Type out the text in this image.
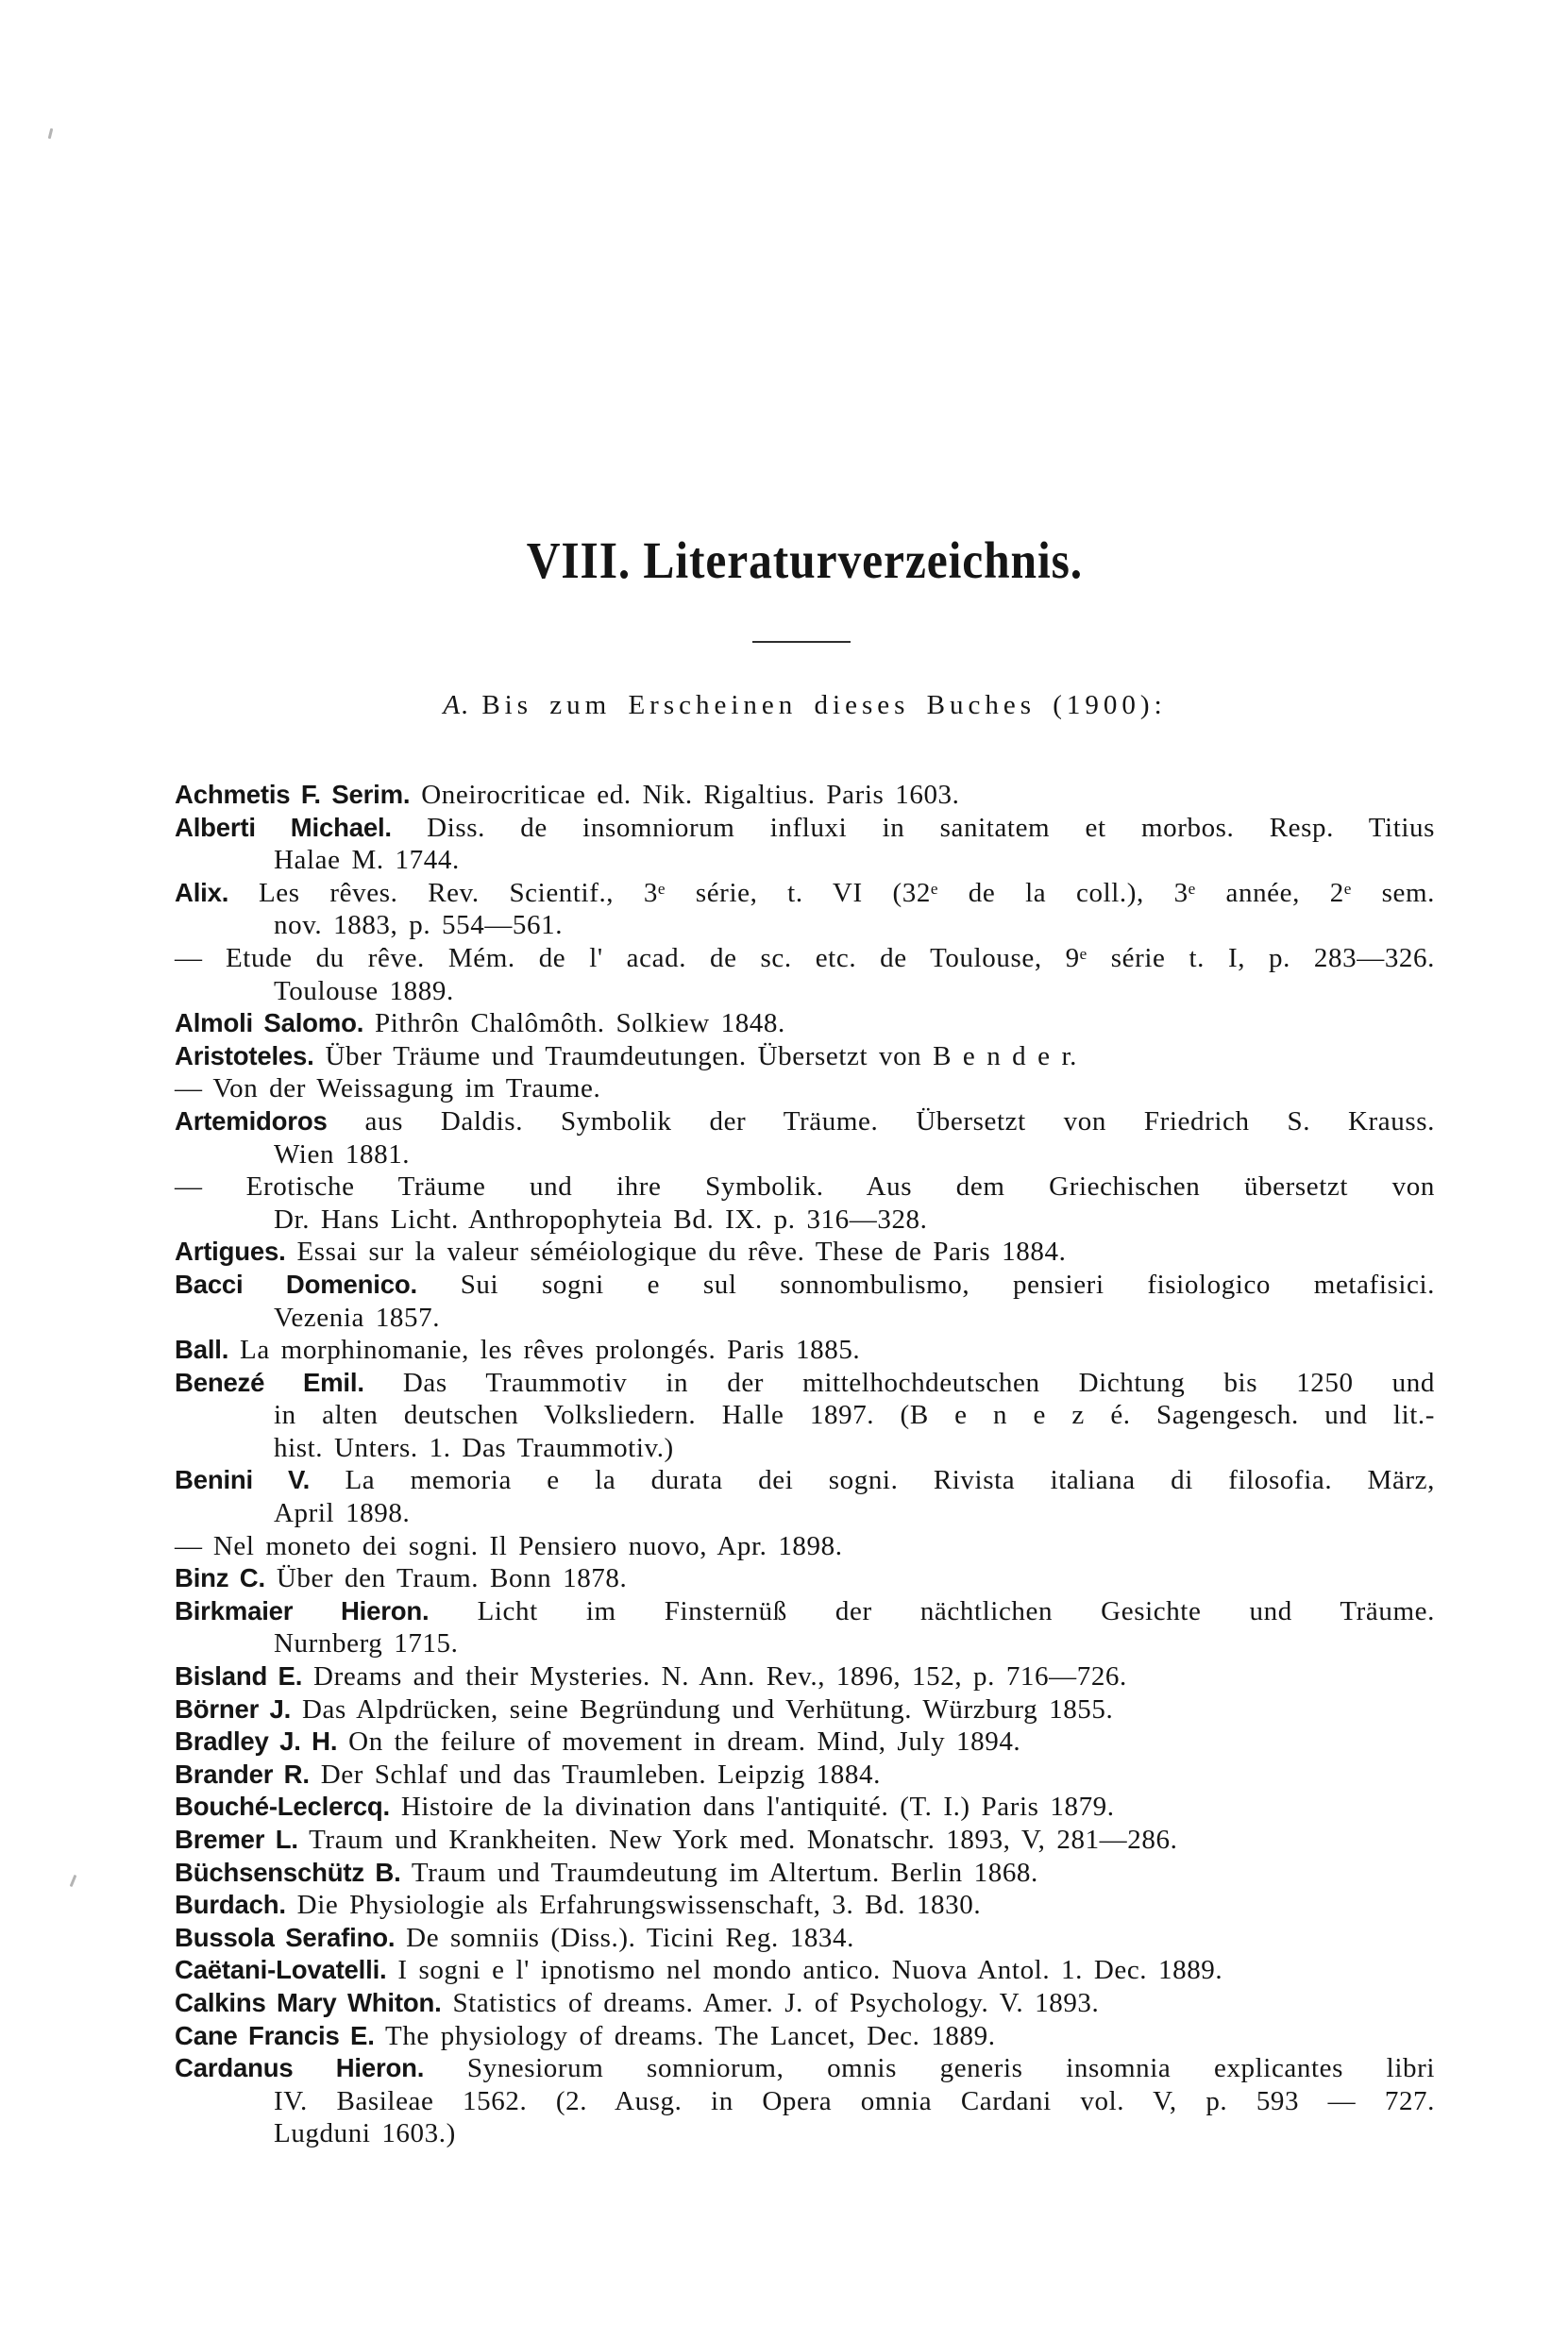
VIII. Literaturverzeichnis.
A. Bis zum Erscheinen dieses Buches (1900):

Achmetis F. Serim. Oneirocriticae ed. Nik. Rigaltius. Paris 1603.

Alberti Michael. Diss. de insomniorum influxi in sanitatem et morbos. Resp. Titius
Halae M. 1744.

Alix. Les rêves. Rev. Scientif., 3ᵉ série, t. VI (32ᵉ de la coll.), 3ᵉ année, 2ᵉ sem.
nov. 1883, p. 554—561.

— Etude du rêve. Mém. de l' acad. de sc. etc. de Toulouse, 9ᵉ série t. I, p. 283—326.
Toulouse 1889.

Almoli Salomo. Pithrôn Chalômôth. Solkiew 1848.

Aristoteles. Über Träume und Traumdeutungen. Übersetzt von B e n d e r.

— Von der Weissagung im Traume.

Artemidoros aus Daldis. Symbolik der Träume. Übersetzt von Friedrich S. Krauss.
Wien 1881.

— Erotische Träume und ihre Symbolik. Aus dem Griechischen übersetzt von
Dr. Hans Licht. Anthropophyteia Bd. IX. p. 316—328.

Artigues. Essai sur la valeur séméiologique du rêve. These de Paris 1884.

Bacci Domenico. Sui sogni e sul sonnombulismo, pensieri fisiologico metafisici.
Vezenia 1857.

Ball. La morphinomanie, les rêves prolongés. Paris 1885.

Benezé Emil. Das Traummotiv in der mittelhochdeutschen Dichtung bis 1250 und
in alten deutschen Volksliedern. Halle 1897. (B e n e z é. Sagengesch. und lit.-
hist. Unters. 1. Das Traummotiv.)

Benini V. La memoria e la durata dei sogni. Rivista italiana di filosofia. März,
April 1898.

— Nel moneto dei sogni. Il Pensiero nuovo, Apr. 1898.

Binz C. Über den Traum. Bonn 1878.

Birkmaier Hieron. Licht im Finsternüß der nächtlichen Gesichte und Träume.
Nurnberg 1715.

Bisland E. Dreams and their Mysteries. N. Ann. Rev., 1896, 152, p. 716—726.

Börner J. Das Alpdrücken, seine Begründung und Verhütung. Würzburg 1855.

Bradley J. H. On the feilure of movement in dream. Mind, July 1894.

Brander R. Der Schlaf und das Traumleben. Leipzig 1884.

Bouché-Leclercq. Histoire de la divination dans l'antiquité. (T. I.) Paris 1879.

Bremer L. Traum und Krankheiten. New York med. Monatschr. 1893, V, 281—286.

Büchsenschütz B. Traum und Traumdeutung im Altertum. Berlin 1868.

Burdach. Die Physiologie als Erfahrungswissenschaft, 3. Bd. 1830.

Bussola Serafino. De somniis (Diss.). Ticini Reg. 1834.

Caëtani-Lovatelli. I sogni e l' ipnotismo nel mondo antico. Nuova Antol. 1. Dec. 1889.

Calkins Mary Whiton. Statistics of dreams. Amer. J. of Psychology. V. 1893.

Cane Francis E. The physiology of dreams. The Lancet, Dec. 1889.

Cardanus Hieron. Synesiorum somniorum, omnis generis insomnia explicantes libri
IV. Basileae 1562. (2. Ausg. in Opera omnia Cardani vol. V, p. 593 — 727.
Lugduni 1603.)
